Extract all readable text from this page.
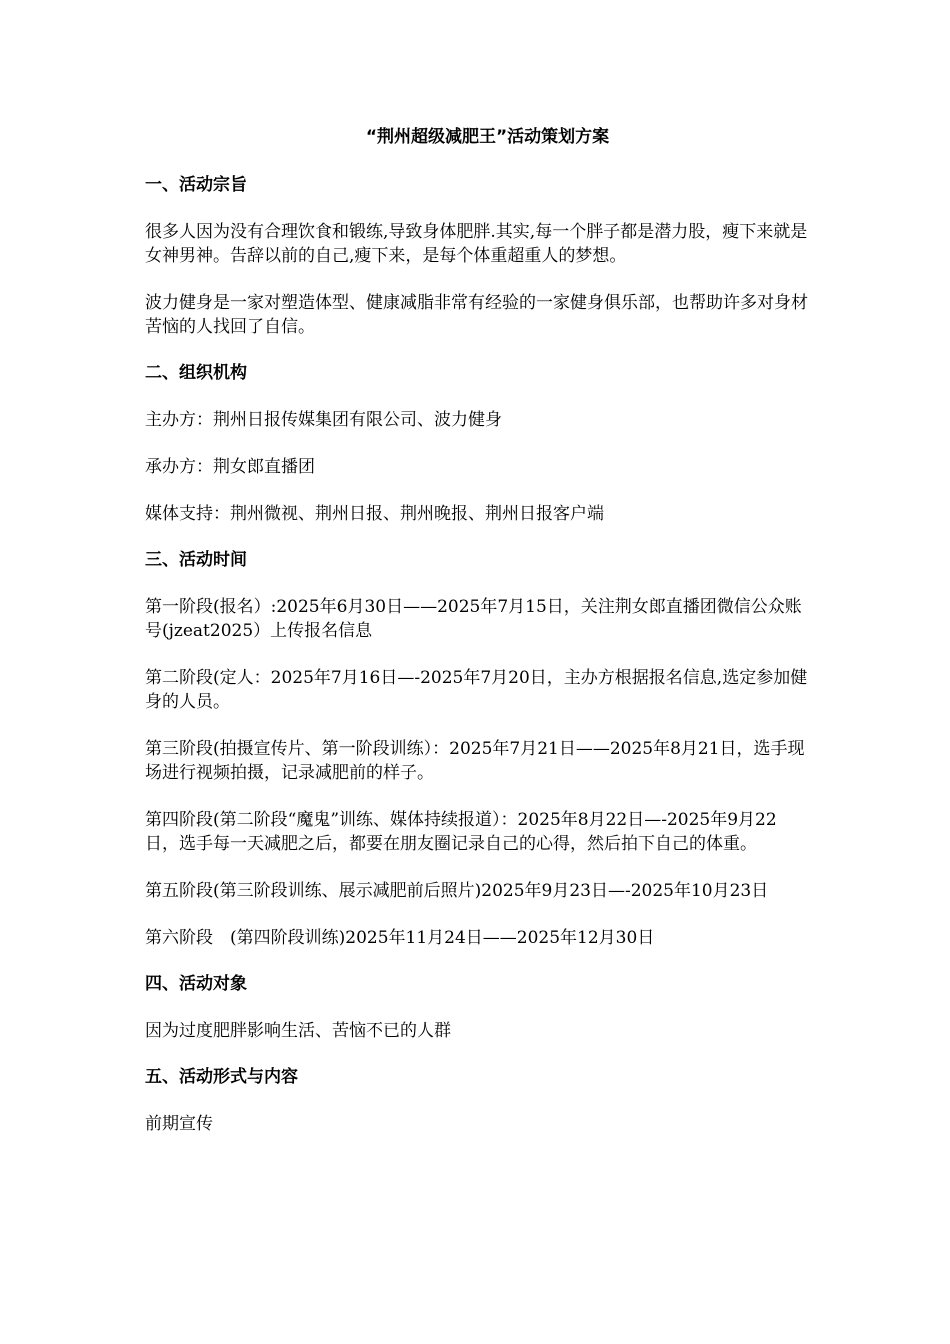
“荆州超级减肥王”活动策划方案
一、活动宗旨
很多人因为没有合理饮食和锻练,导致身体肥胖.其实,每一个胖子都是潜力股，瘦下来就是女神男神。告辞以前的自己,瘦下来，是每个体重超重人的梦想。
波力健身是一家对塑造体型、健康减脂非常有经验的一家健身俱乐部，也帮助许多对身材苦恼的人找回了自信。
二、组织机构
主办方：荆州日报传媒集团有限公司、波力健身
承办方：荆女郎直播团
媒体支持：荆州微视、荆州日报、荆州晚报、荆州日报客户端
三、活动时间
第一阶段(报名）:2025年6月30日——2025年7月15日，关注荆女郎直播团微信公众账号(jzeat2025）上传报名信息
第二阶段(定人：2025年7月16日—-2025年7月20日，主办方根据报名信息,选定参加健身的人员。
第三阶段(拍摄宣传片、第一阶段训练）：2025年7月21日——2025年8月21日，选手现场进行视频拍摄，记录减肥前的样子。
第四阶段(第二阶段“魔鬼”训练、媒体持续报道）：2025年8月22日—-2025年9月22日，选手每一天减肥之后，都要在朋友圈记录自己的心得，然后拍下自己的体重。
第五阶段(第三阶段训练、展示减肥前后照片)2025年9月23日—-2025年10月23日
第六阶段　(第四阶段训练)2025年11月24日——2025年12月30日
四、活动对象
因为过度肥胖影响生活、苦恼不已的人群
五、活动形式与内容
前期宣传
